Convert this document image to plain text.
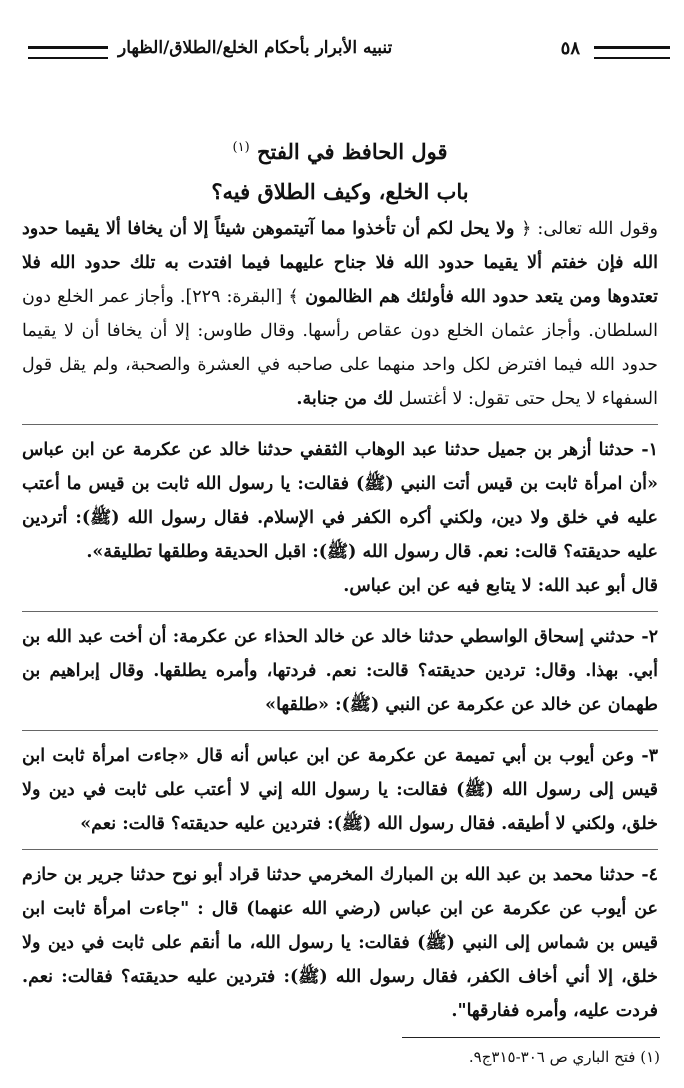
تنبيه الأبرار بأحكام الخلع/الطلاق/الظهار	٥٨
قول الحافظ في الفتح $^{(١)}$
باب الخلع، وكيف الطلاق فيه؟

وقول الله تعالى: ﴿ ولا يحل لكم أن تأخذوا مما آتيتموهن شيئاً إلا أن يخافا ألا يقيما حدود الله فإن خفتم ألا يقيما حدود الله فلا جناح عليهما فيما افتدت به تلك حدود الله فلا تعتدوها ومن يتعد حدود الله فأولئك هم الظالمون ﴾ [البقرة: ٢٢٩]. وأجاز عمر الخلع دون السلطان. وأجاز عثمان الخلع دون عقاص رأسها. وقال طاوس: إلا أن يخافا أن لا يقيما حدود الله فيما افترض لكل واحد منهما على صاحبه في العشرة والصحبة، ولم يقل قول السفهاء لا يحل حتى تقول: لا أغتسل لك من جنابة.

١- حدثنا أزهر بن جميل حدثنا عبد الوهاب الثقفي حدثنا خالد عن عكرمة عن ابن عباس «أن امرأة ثابت بن قيس أتت النبي (ﷺ) فقالت: يا رسول الله ثابت بن قيس ما أعتب عليه في خلق ولا دين، ولكني أكره الكفر في الإسلام. فقال رسول الله (ﷺ): أتردين عليه حديقته؟ قالت: نعم. قال رسول الله (ﷺ): اقبل الحديقة وطلقها تطليقة».
قال أبو عبد الله: لا يتابع فيه عن ابن عباس.

٢- حدثني إسحاق الواسطي حدثنا خالد عن خالد الحذاء عن عكرمة: أن أخت عبد الله بن أبي. بهذا. وقال: تردين حديقته؟ قالت: نعم. فردتها، وأمره يطلقها. وقال إبراهيم بن طهمان عن خالد عن عكرمة عن النبي (ﷺ): «طلقها»

٣- وعن أيوب بن أبي تميمة عن عكرمة عن ابن عباس أنه قال «جاءت امرأة ثابت ابن قيس إلى رسول الله (ﷺ) فقالت: يا رسول الله إني لا أعتب على ثابت في دين ولا خلق، ولكني لا أطيقه. فقال رسول الله (ﷺ): فتردين عليه حديقته؟ قالت: نعم»

٤- حدثنا محمد بن عبد الله بن المبارك المخرمي حدثنا قراد أبو نوح حدثنا جرير بن حازم عن أيوب عن عكرمة عن ابن عباس (رضي الله عنهما) قال : "جاءت امرأة ثابت ابن قيس بن شماس إلى النبي (ﷺ) فقالت: يا رسول الله، ما أنقم على ثابت في دين ولا خلق، إلا أني أخاف الكفر، فقال رسول الله (ﷺ): فتردين عليه حديقته؟ فقالت: نعم. فردت عليه، وأمره ففارقها".

(١) فتح الباري ص ٣٠٦-٣١٥ج٩.
